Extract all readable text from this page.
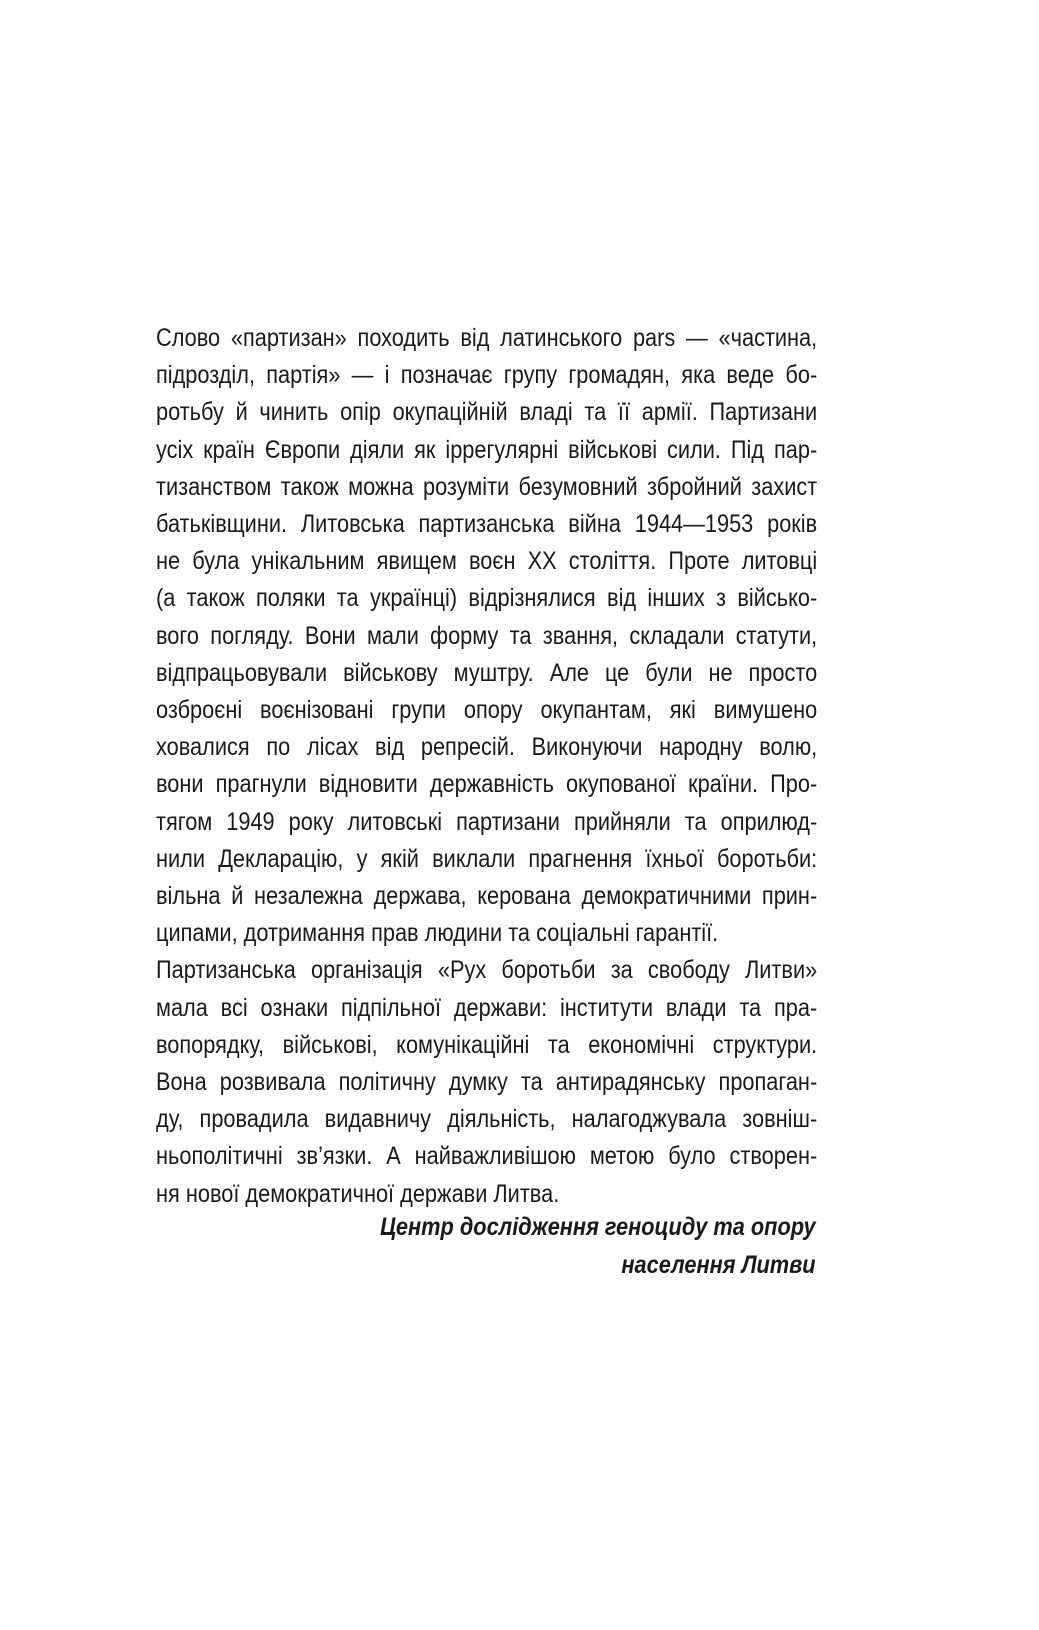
Слово «партизан» походить від латинського pars — «частина,
підрозділ, партія» — і позначає групу громадян, яка веде бо-
ротьбу й чинить опір окупаційній владі та її армії. Партизани
усіх країн Європи діяли як іррегулярні військові сили. Під пар-
тизанством також можна розуміти безумовний збройний захист
батьківщини. Литовська партизанська війна 1944—1953 років
не була унікальним явищем воєн XX століття. Проте литовці
(а також поляки та українці) відрізнялися від інших з військо-
вого погляду. Вони мали форму та звання, складали статути,
відпрацьовували військову муштру. Але це були не просто
озброєні воєнізовані групи опору окупантам, які вимушено
ховалися по лісах від репресій. Виконуючи народну волю,
вони прагнули відновити державність окупованої країни. Про-
тягом 1949 року литовські партизани прийняли та оприлюд-
нили Декларацію, у якій виклали прагнення їхньої боротьби:
вільна й незалежна держава, керована демократичними прин-
ципами, дотримання прав людини та соціальні гарантії.
Партизанська організація «Рух боротьби за свободу Литви»
мала всі ознаки підпільної держави: інститути влади та пра-
вопорядку, військові, комунікаційні та економічні структури.
Вона розвивала політичну думку та антирадянську пропаган-
ду, провадила видавничу діяльність, налагоджувала зовніш-
ньополітичні зв’язки. А найважливішою метою було створен-
ня нової демократичної держави Литва.
Центр дослідження геноциду та опору
населення Литви
